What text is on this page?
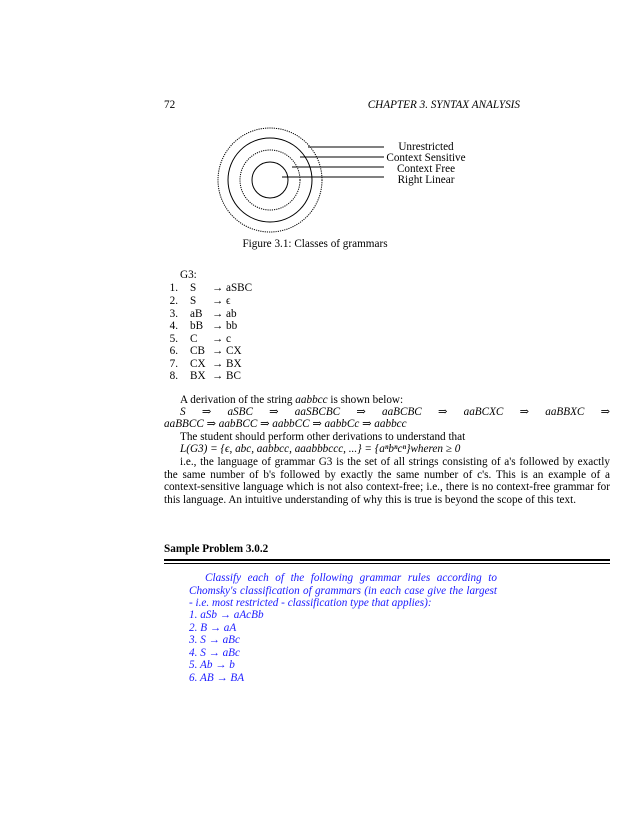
72	CHAPTER 3. SYNTAX ANALYSIS
Unrestricted
Context Sensitive
Context Free
Right Linear
Figure 3.1: Classes of grammars
G3:
1. S → aSBC
2. S → ϵ
3. aB → ab
4. bB → bb
5. C → c
6. CB → CX
7. CX → BX
8. BX → BC
A derivation of the string aabbcc is shown below:
S ⇒ aSBC ⇒ aaSBCBC ⇒ aaBCBC ⇒ aaBCXC ⇒ aaBBXC ⇒
aaBBCC ⇒ aabBCC ⇒ aabbCC ⇒ aabbCc ⇒ aabbcc
The student should perform other derivations to understand that
L(G3) = {ϵ, abc, aabbcc, aaabbbccc, ...} = {aⁿbⁿcⁿ}wheren ≥ 0
i.e., the language of grammar G3 is the set of all strings consisting of a's followed by exactly the same number of b's followed by exactly the same number of c's. This is an example of a context-sensitive language which is not also context-free; i.e., there is no context-free grammar for this language. An intuitive understanding of why this is true is beyond the scope of this text.
Sample Problem 3.0.2
Classify each of the following grammar rules according to Chomsky's classification of grammars (in each case give the largest - i.e. most restricted - classification type that applies):
1. aSb → aAcBb
2. B → aA
3. S → aBc
4. S → aBc
5. Ab → b
6. AB → BA
